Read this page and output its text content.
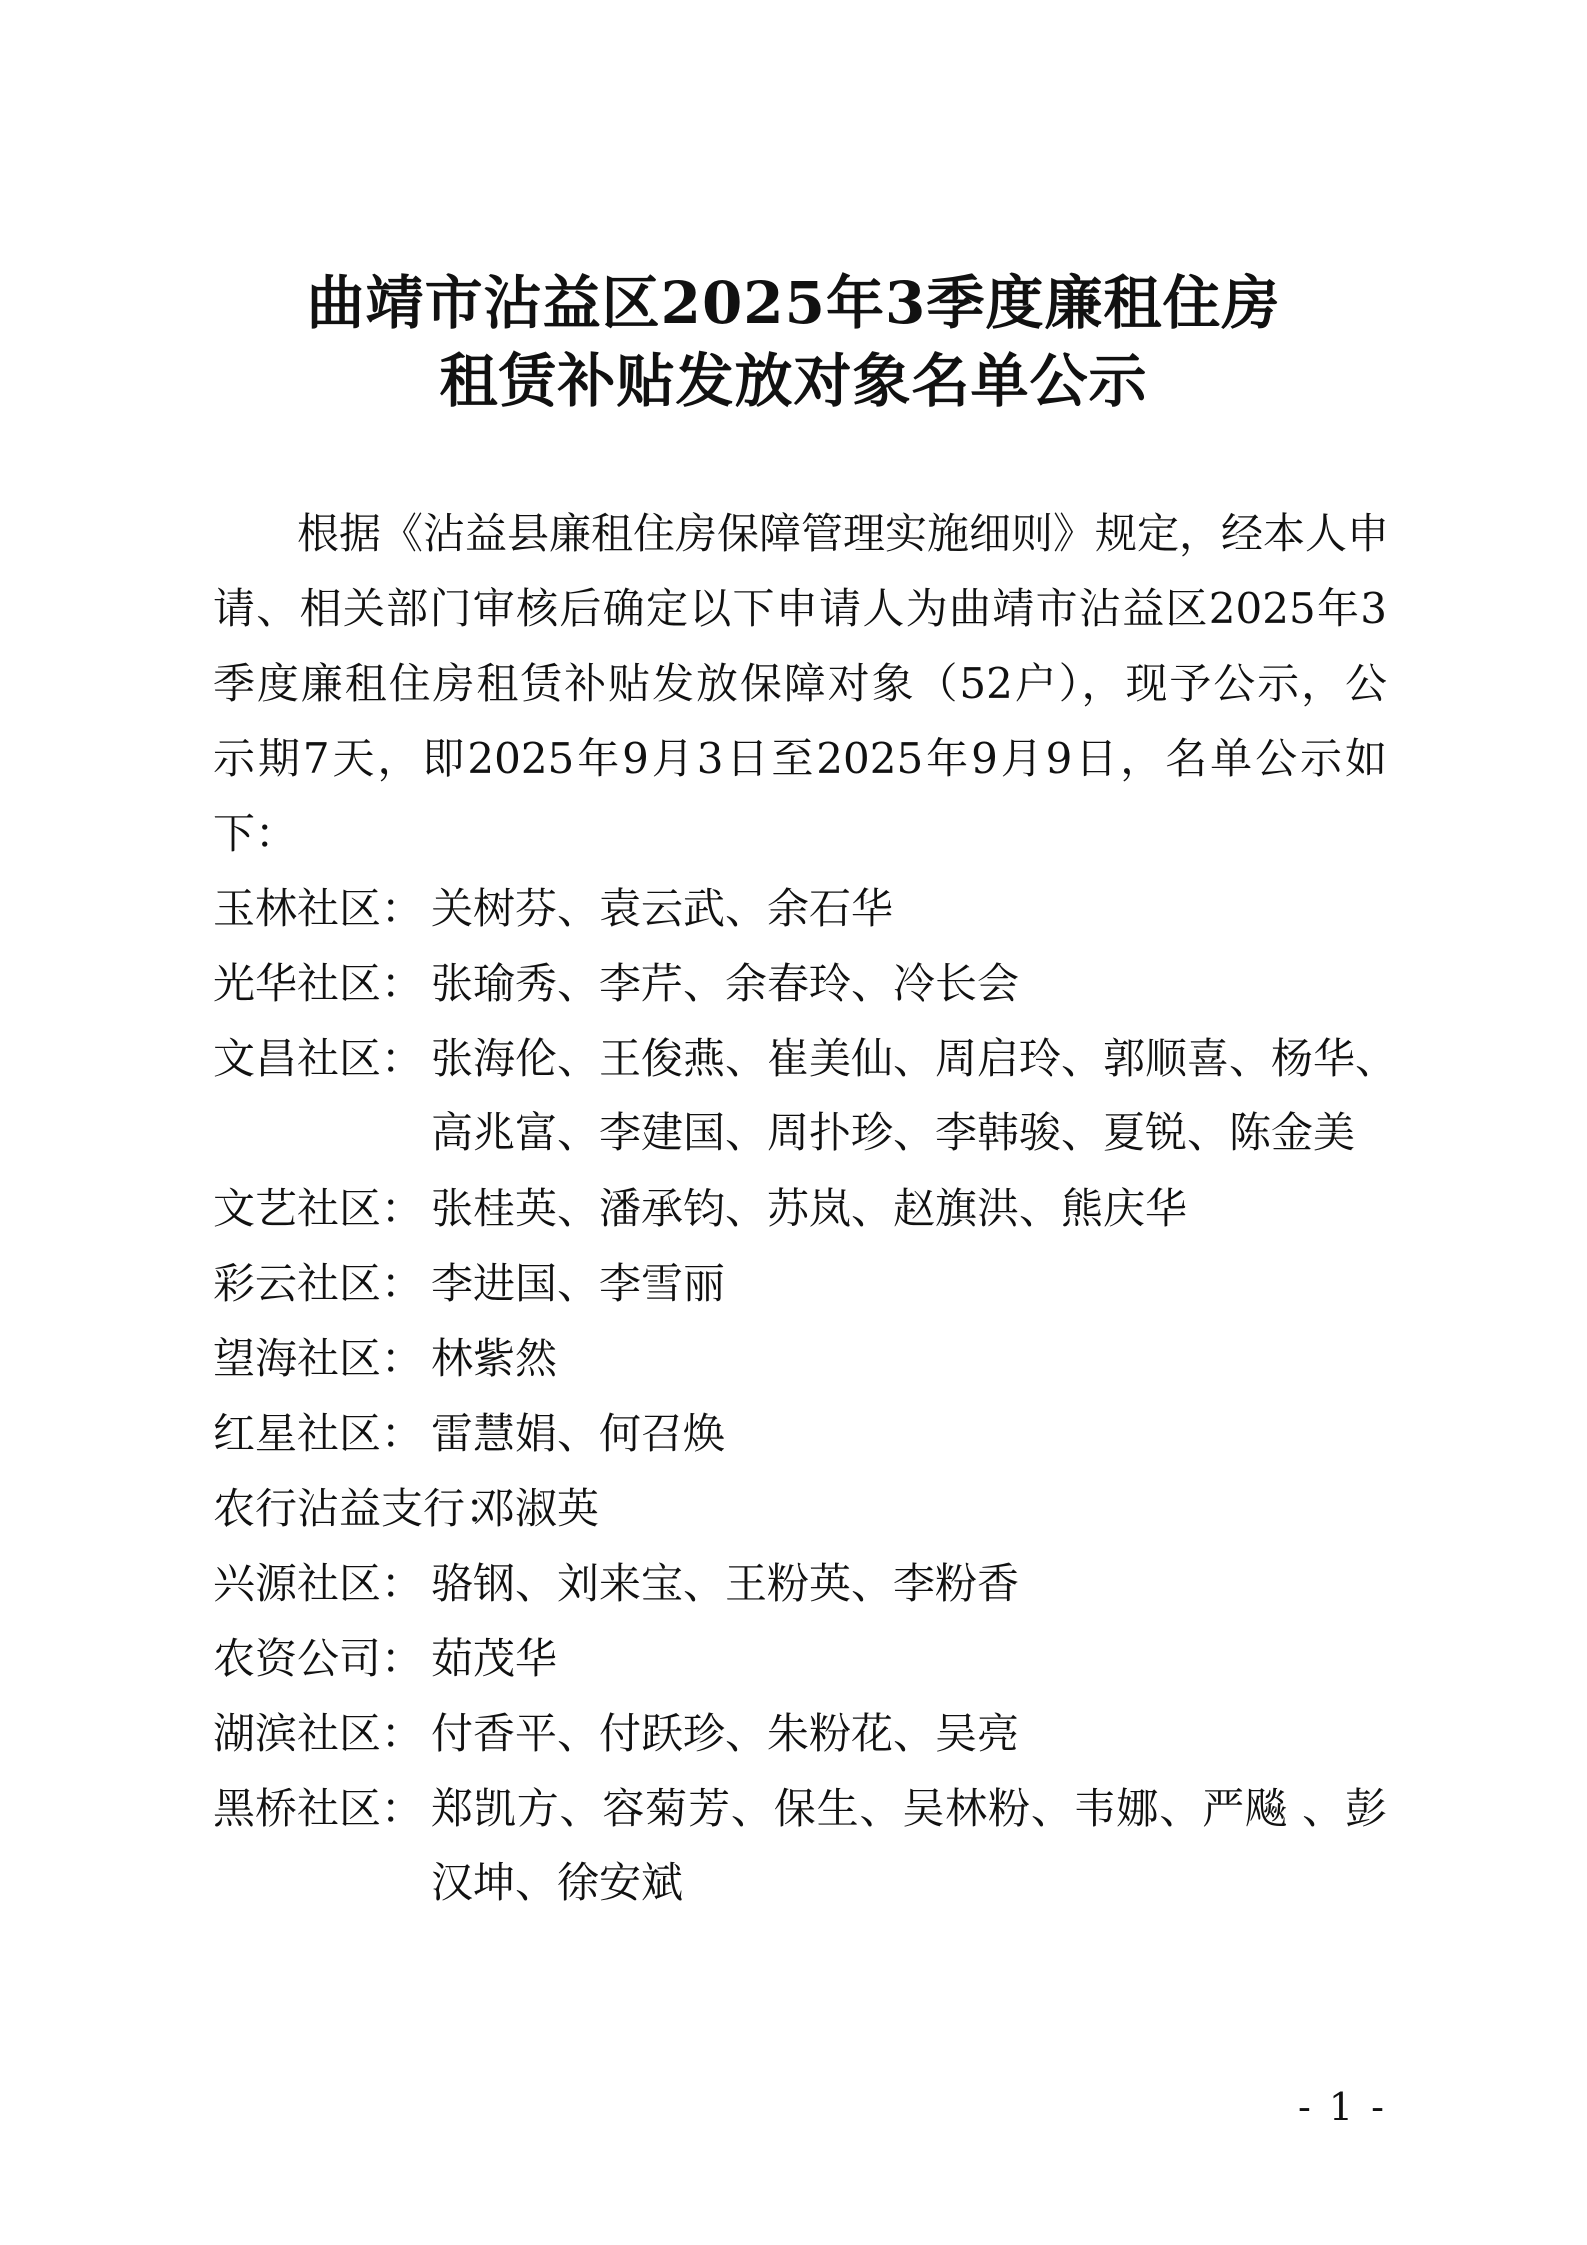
曲靖市沾益区2025年3季度廉租住房
租赁补贴发放对象名单公示
根据《沾益县廉租住房保障管理实施细则》规定，经本人申
请、相关部门审核后确定以下申请人为曲靖市沾益区2025年3
季度廉租住房租赁补贴发放保障对象（52户），现予公示，公
示期7天，即2025年9月3日至2025年9月9日，名单公示如
下：
玉林社区： 关树芬、袁云武、余石华
光华社区： 张瑜秀、李芹、余春玲、冷长会
文昌社区： 张海伦、王俊燕、崔美仙、周启玲、郭顺喜、杨华、
高兆富、李建国、周扑珍、李韩骏、夏锐、陈金美
文艺社区： 张桂英、潘承钧、苏岚、赵旗洪、熊庆华
彩云社区： 李进国、李雪丽
望海社区： 林紫然
红星社区： 雷慧娟、何召焕
农行沾益支行：
邓淑英
兴源社区： 骆钢、刘来宝、王粉英、李粉香
农资公司： 茹茂华
湖滨社区： 付香平、付跃珍、朱粉花、吴亮
黑桥社区： 郑凯方、容菊芳、保生、吴林粉、韦娜、严飚 、彭
汉坤、徐安斌
- 1 -
